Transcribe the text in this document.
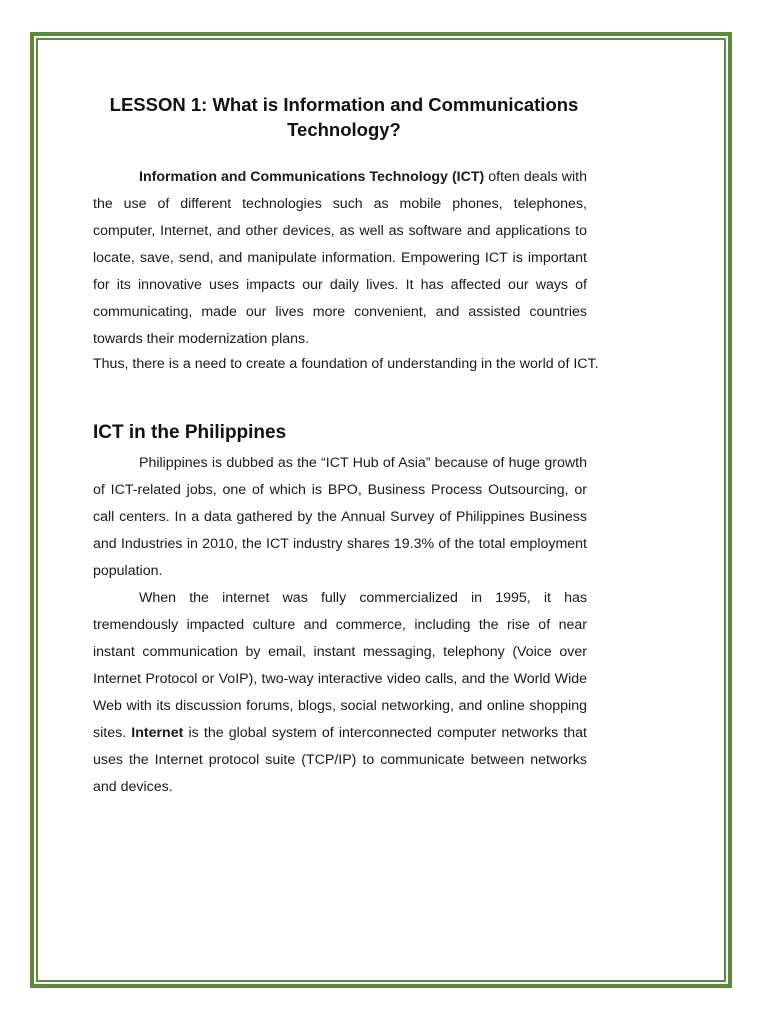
LESSON 1: What is Information and Communications Technology?

Information and Communications Technology (ICT) often deals with the use of different technologies such as mobile phones, telephones, computer, Internet, and other devices, as well as software and applications to locate, save, send, and manipulate information. Empowering ICT is important for its innovative uses impacts our daily lives. It has affected our ways of communicating, made our lives more convenient, and assisted countries towards their modernization plans.

Thus, there is a need to create a foundation of understanding in the world of ICT.

ICT in the Philippines

Philippines is dubbed as the “ICT Hub of Asia” because of huge growth of ICT-related jobs, one of which is BPO, Business Process Outsourcing, or call centers. In a data gathered by the Annual Survey of Philippines Business and Industries in 2010, the ICT industry shares 19.3% of the total employment population.

When the internet was fully commercialized in 1995, it has tremendously impacted culture and commerce, including the rise of near instant communication by email, instant messaging, telephony (Voice over Internet Protocol or VoIP), two-way interactive video calls, and the World Wide Web with its discussion forums, blogs, social networking, and online shopping sites. Internet is the global system of interconnected computer networks that uses the Internet protocol suite (TCP/IP) to communicate between networks and devices.
